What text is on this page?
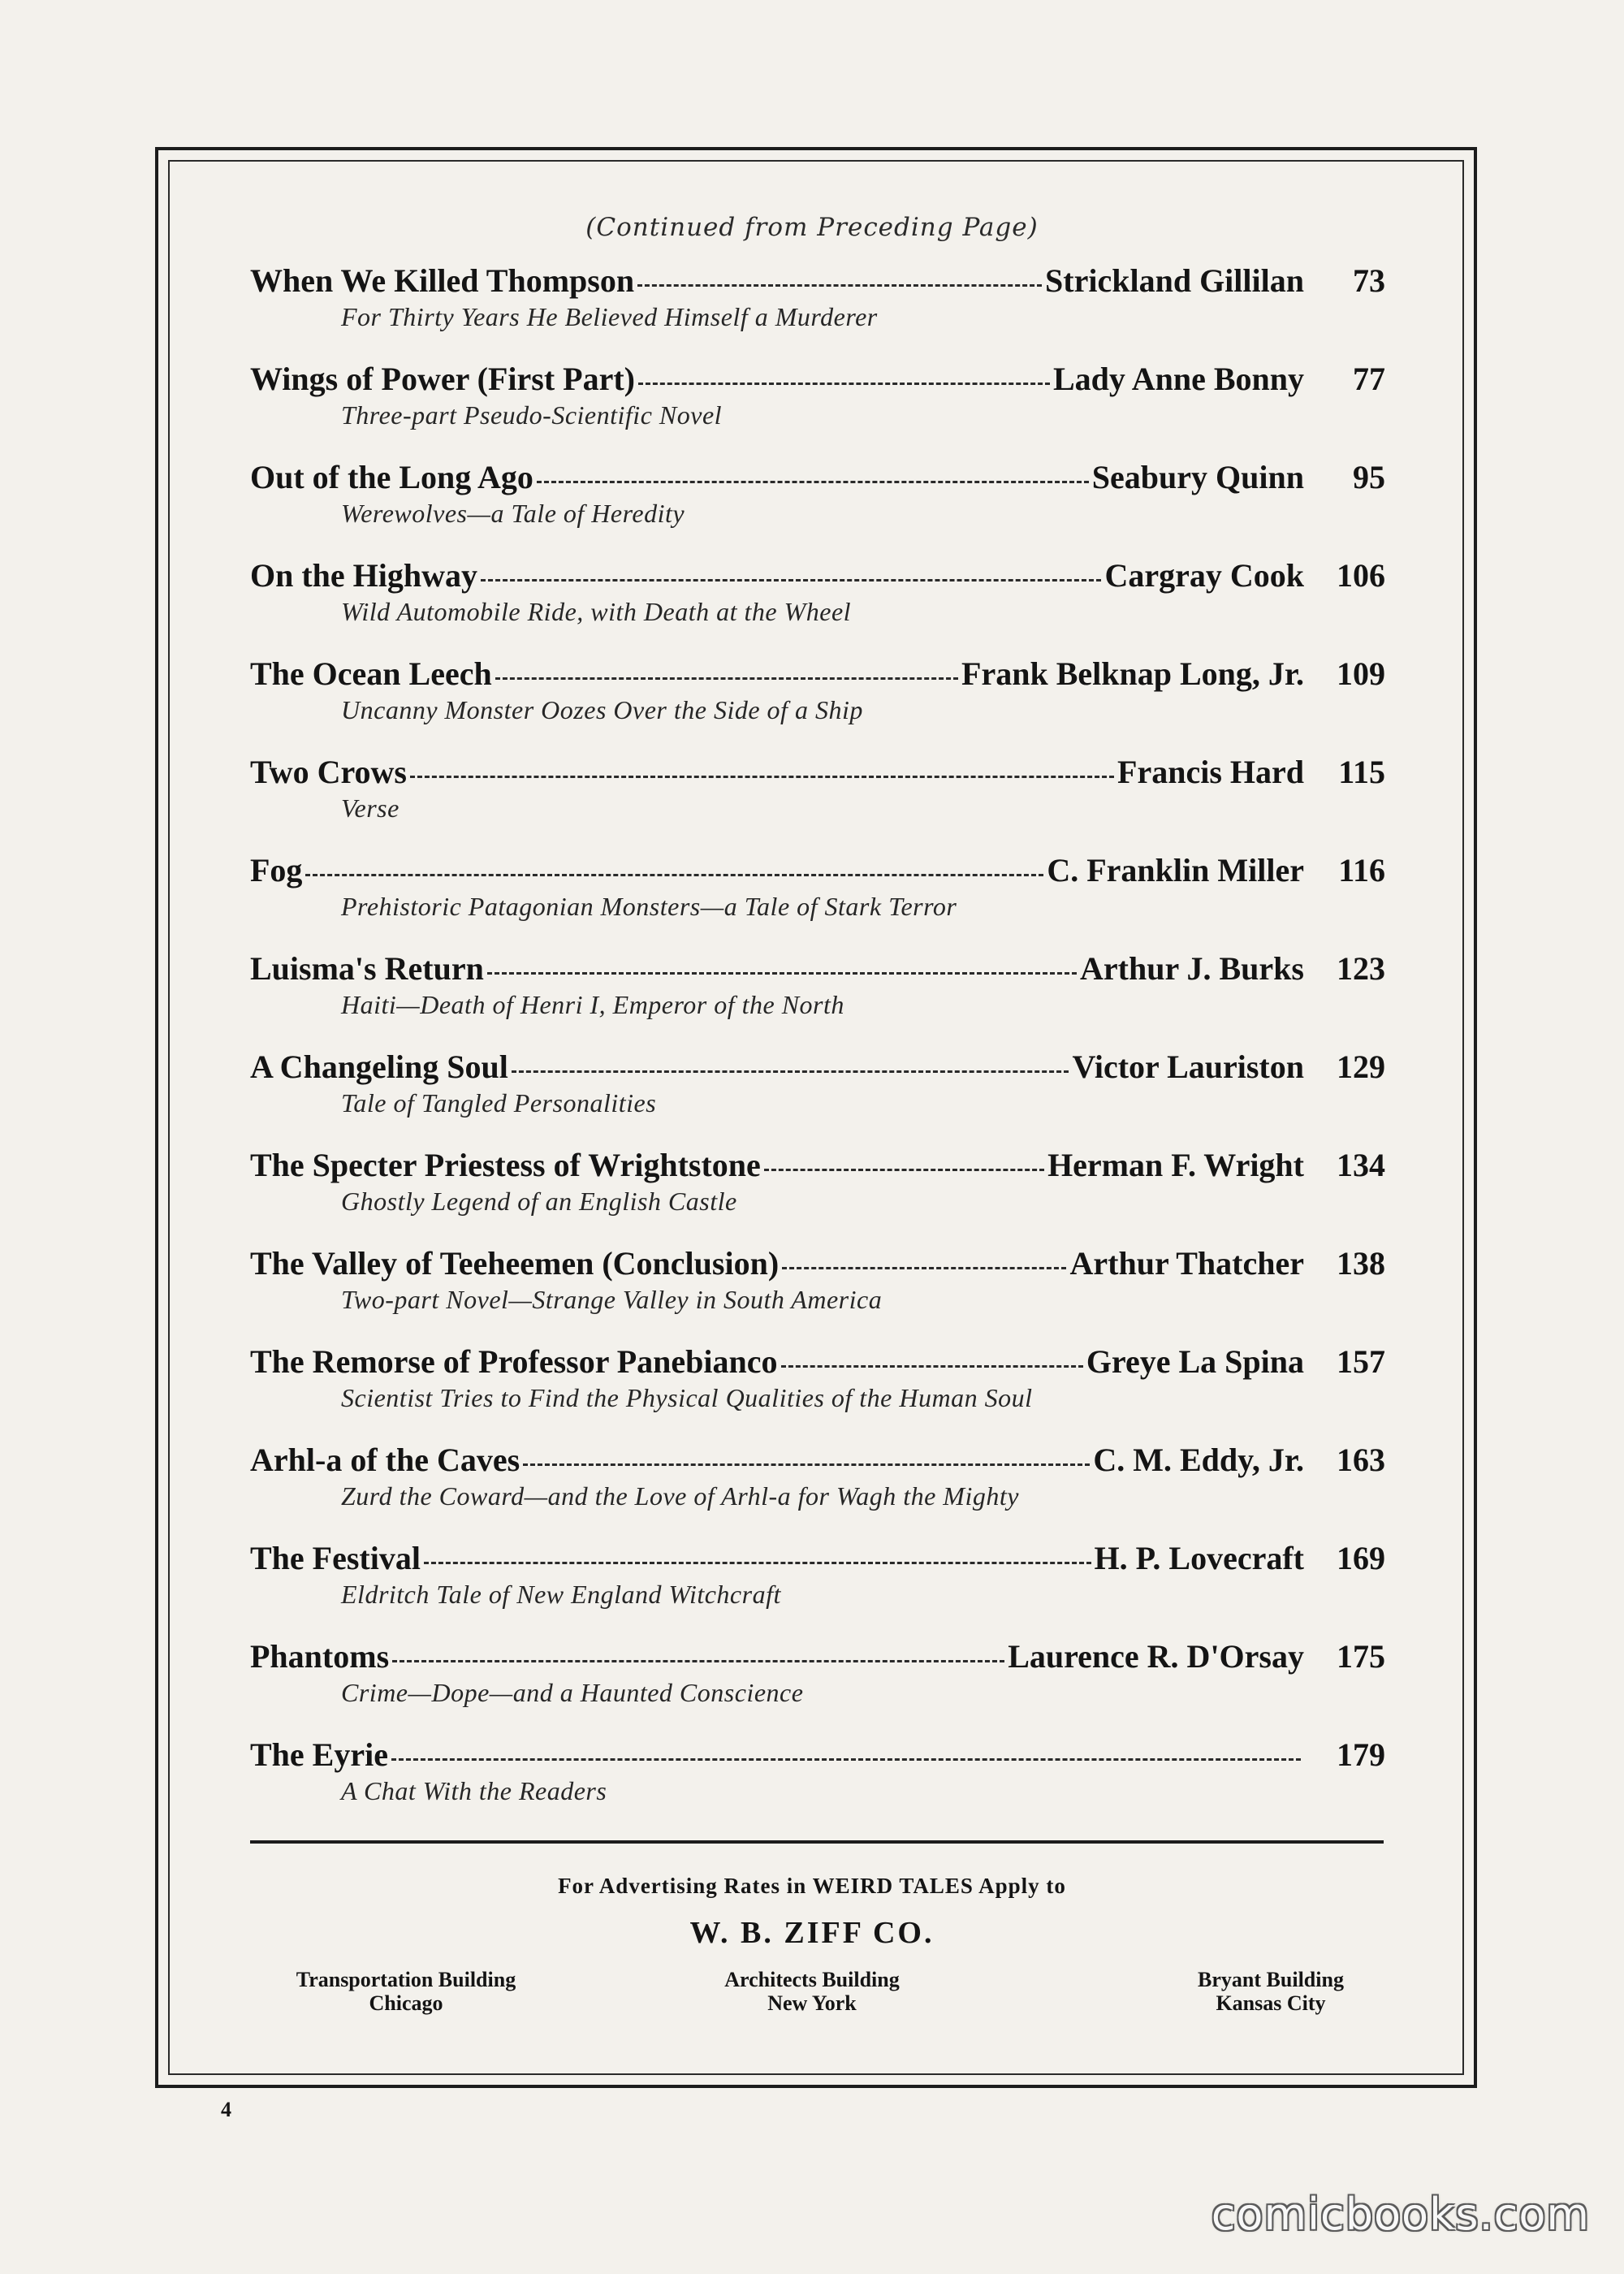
(Continued from Preceding Page)
When We Killed Thompson	Strickland Gillilan	73
For Thirty Years He Believed Himself a Murderer
Wings of Power (First Part)	Lady Anne Bonny	77
Three-part Pseudo-Scientific Novel
Out of the Long Ago	Seabury Quinn	95
Werewolves—a Tale of Heredity
On the Highway	Cargray Cook	106
Wild Automobile Ride, with Death at the Wheel
The Ocean Leech	Frank Belknap Long, Jr.	109
Uncanny Monster Oozes Over the Side of a Ship
Two Crows	Francis Hard	115
Verse
Fog	C. Franklin Miller	116
Prehistoric Patagonian Monsters—a Tale of Stark Terror
Luisma's Return	Arthur J. Burks	123
Haiti—Death of Henri I, Emperor of the North
A Changeling Soul	Victor Lauriston	129
Tale of Tangled Personalities
The Specter Priestess of Wrightstone	Herman F. Wright	134
Ghostly Legend of an English Castle
The Valley of Teeheemen (Conclusion)	Arthur Thatcher	138
Two-part Novel—Strange Valley in South America
The Remorse of Professor Panebianco	Greye La Spina	157
Scientist Tries to Find the Physical Qualities of the Human Soul
Arhl-a of the Caves	C. M. Eddy, Jr.	163
Zurd the Coward—and the Love of Arhl-a for Wagh the Mighty
The Festival	H. P. Lovecraft	169
Eldritch Tale of New England Witchcraft
Phantoms	Laurence R. D'Orsay	175
Crime—Dope—and a Haunted Conscience
The Eyrie	179
A Chat With the Readers
For Advertising Rates in WEIRD TALES Apply to
W. B. ZIFF CO.
Transportation Building
Chicago
Architects Building
New York
Bryant Building
Kansas City
4
comicbooks.com
